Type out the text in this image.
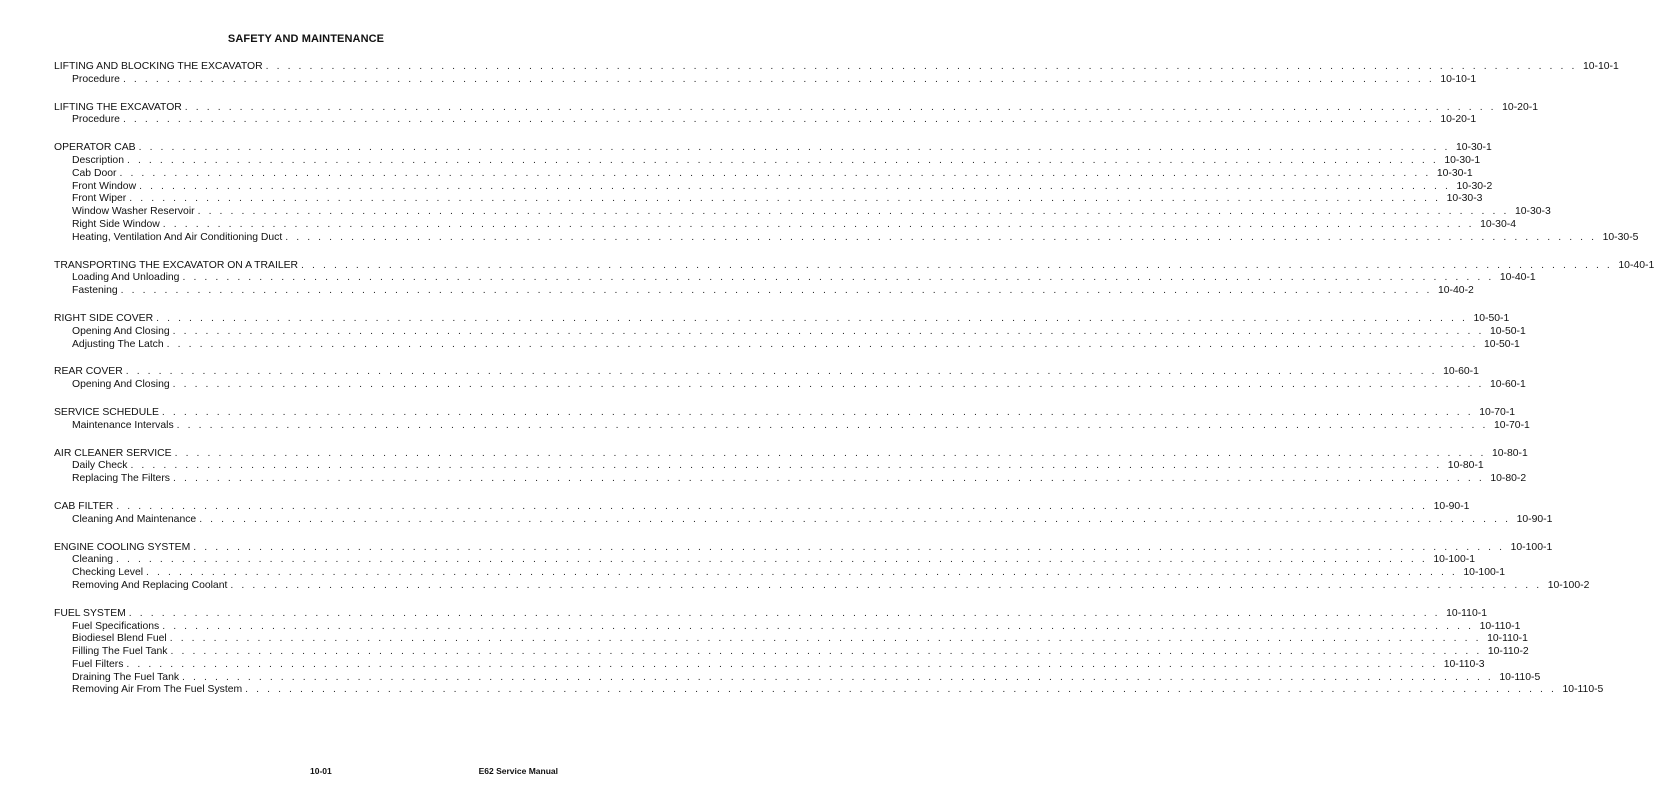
SAFETY AND MAINTENANCE
LIFTING AND BLOCKING THE EXCAVATOR . . . . . . . . . . . . . . . . . . . . . . . . . . . . . . . . . . . . . . . . . . . . . . . . . . . . . . . . . . . . . . . . . . . . . . . . . . . . . . . . . . . . . . . . . . . . . . . . . . . . . . . . . . . . . . . . . . . . . . . . 10-10-1
Procedure . . . . . . . . . . . . . . . . . . . . . . . . . . . . . . . . . . . . . . . . . . . . . . . . . . . . . . . . . . . . . . . . . . . . . . . . . . . . . . . . . . . . . . . . . . . . . . . . . . . . . . . . . . . . . . . . . . . . . . . . 10-10-1
LIFTING THE EXCAVATOR . . . . . . . . . . . . . . . . . . . . . . . . . . . . . . . . . . . . . . . . . . . . . . . . . . . . . . . . . . . . . . . . . . . . . . . . . . . . . . . . . . . . . . . . . . . . . . . . . . . . . . . . . . . . . . . . . . . . . . . . 10-20-1
Procedure . . . . . . . . . . . . . . . . . . . . . . . . . . . . . . . . . . . . . . . . . . . . . . . . . . . . . . . . . . . . . . . . . . . . . . . . . . . . . . . . . . . . . . . . . . . . . . . . . . . . . . . . . . . . . . . . . . . . . . . . 10-20-1
OPERATOR CAB . . . . . . . . . . . . . . . . . . . . . . . . . . . . . . . . . . . . . . . . . . . . . . . . . . . . . . . . . . . . . . . . . . . . . . . . . . . . . . . . . . . . . . . . . . . . . . . . . . . . . . . . . . . . . . . . . . . . . . . . 10-30-1
Description . . . . . . . . . . . . . . . . . . . . . . . . . . . . . . . . . . . . . . . . . . . . . . . . . . . . . . . . . . . . . . . . . . . . . . . . . . . . . . . . . . . . . . . . . . . . . . . . . . . . . . . . . . . . . . . . . . . . . . . . 10-30-1
Cab Door . . . . . . . . . . . . . . . . . . . . . . . . . . . . . . . . . . . . . . . . . . . . . . . . . . . . . . . . . . . . . . . . . . . . . . . . . . . . . . . . . . . . . . . . . . . . . . . . . . . . . . . . . . . . . . . . . . . . . . . . 10-30-1
Front Window . . . . . . . . . . . . . . . . . . . . . . . . . . . . . . . . . . . . . . . . . . . . . . . . . . . . . . . . . . . . . . . . . . . . . . . . . . . . . . . . . . . . . . . . . . . . . . . . . . . . . . . . . . . . . . . . . . . . . . . . 10-30-2
Front Wiper . . . . . . . . . . . . . . . . . . . . . . . . . . . . . . . . . . . . . . . . . . . . . . . . . . . . . . . . . . . . . . . . . . . . . . . . . . . . . . . . . . . . . . . . . . . . . . . . . . . . . . . . . . . . . . . . . . . . . . . . 10-30-3
Window Washer Reservoir . . . . . . . . . . . . . . . . . . . . . . . . . . . . . . . . . . . . . . . . . . . . . . . . . . . . . . . . . . . . . . . . . . . . . . . . . . . . . . . . . . . . . . . . . . . . . . . . . . . . . . . . . . . . . . . . . . . . . . . . 10-30-3
Right Side Window . . . . . . . . . . . . . . . . . . . . . . . . . . . . . . . . . . . . . . . . . . . . . . . . . . . . . . . . . . . . . . . . . . . . . . . . . . . . . . . . . . . . . . . . . . . . . . . . . . . . . . . . . . . . . . . . . . . . . . . . 10-30-4
Heating, Ventilation And Air Conditioning Duct . . . . . . . . . . . . . . . . . . . . . . . . . . . . . . . . . . . . . . . . . . . . . . . . . . . . . . . . . . . . . . . . . . . . . . . . . . . . . . . . . . . . . . . . . . . . . . . . . . . . . . . . . . . . . . . . . . . . . . . . 10-30-5
TRANSPORTING THE EXCAVATOR ON A TRAILER . . . . . . . . . . . . . . . . . . . . . . . . . . . . . . . . . . . . . . . . . . . . . . . . . . . . . . . . . . . . . . . . . . . . . . . . . . . . . . . . . . . . . . . . . . . . . . . . . . . . . . . . . . . . . . . . . . . . . . . . 10-40-1
Loading And Unloading . . . . . . . . . . . . . . . . . . . . . . . . . . . . . . . . . . . . . . . . . . . . . . . . . . . . . . . . . . . . . . . . . . . . . . . . . . . . . . . . . . . . . . . . . . . . . . . . . . . . . . . . . . . . . . . . . . . . . . . . 10-40-1
Fastening . . . . . . . . . . . . . . . . . . . . . . . . . . . . . . . . . . . . . . . . . . . . . . . . . . . . . . . . . . . . . . . . . . . . . . . . . . . . . . . . . . . . . . . . . . . . . . . . . . . . . . . . . . . . . . . . . . . . . . . . 10-40-2
RIGHT SIDE COVER . . . . . . . . . . . . . . . . . . . . . . . . . . . . . . . . . . . . . . . . . . . . . . . . . . . . . . . . . . . . . . . . . . . . . . . . . . . . . . . . . . . . . . . . . . . . . . . . . . . . . . . . . . . . . . . . . . . . . . . . 10-50-1
Opening And Closing . . . . . . . . . . . . . . . . . . . . . . . . . . . . . . . . . . . . . . . . . . . . . . . . . . . . . . . . . . . . . . . . . . . . . . . . . . . . . . . . . . . . . . . . . . . . . . . . . . . . . . . . . . . . . . . . . . . . . . . . 10-50-1
Adjusting The Latch . . . . . . . . . . . . . . . . . . . . . . . . . . . . . . . . . . . . . . . . . . . . . . . . . . . . . . . . . . . . . . . . . . . . . . . . . . . . . . . . . . . . . . . . . . . . . . . . . . . . . . . . . . . . . . . . . . . . . . . . 10-50-1
REAR COVER . . . . . . . . . . . . . . . . . . . . . . . . . . . . . . . . . . . . . . . . . . . . . . . . . . . . . . . . . . . . . . . . . . . . . . . . . . . . . . . . . . . . . . . . . . . . . . . . . . . . . . . . . . . . . . . . . . . . . . . . 10-60-1
Opening And Closing . . . . . . . . . . . . . . . . . . . . . . . . . . . . . . . . . . . . . . . . . . . . . . . . . . . . . . . . . . . . . . . . . . . . . . . . . . . . . . . . . . . . . . . . . . . . . . . . . . . . . . . . . . . . . . . . . . . . . . . . 10-60-1
SERVICE SCHEDULE . . . . . . . . . . . . . . . . . . . . . . . . . . . . . . . . . . . . . . . . . . . . . . . . . . . . . . . . . . . . . . . . . . . . . . . . . . . . . . . . . . . . . . . . . . . . . . . . . . . . . . . . . . . . . . . . . . . . . . . . 10-70-1
Maintenance Intervals . . . . . . . . . . . . . . . . . . . . . . . . . . . . . . . . . . . . . . . . . . . . . . . . . . . . . . . . . . . . . . . . . . . . . . . . . . . . . . . . . . . . . . . . . . . . . . . . . . . . . . . . . . . . . . . . . . . . . . . . 10-70-1
AIR CLEANER SERVICE . . . . . . . . . . . . . . . . . . . . . . . . . . . . . . . . . . . . . . . . . . . . . . . . . . . . . . . . . . . . . . . . . . . . . . . . . . . . . . . . . . . . . . . . . . . . . . . . . . . . . . . . . . . . . . . . . . . . . . . . 10-80-1
Daily Check . . . . . . . . . . . . . . . . . . . . . . . . . . . . . . . . . . . . . . . . . . . . . . . . . . . . . . . . . . . . . . . . . . . . . . . . . . . . . . . . . . . . . . . . . . . . . . . . . . . . . . . . . . . . . . . . . . . . . . . . 10-80-1
Replacing The Filters . . . . . . . . . . . . . . . . . . . . . . . . . . . . . . . . . . . . . . . . . . . . . . . . . . . . . . . . . . . . . . . . . . . . . . . . . . . . . . . . . . . . . . . . . . . . . . . . . . . . . . . . . . . . . . . . . . . . . . . . 10-80-2
CAB FILTER . . . . . . . . . . . . . . . . . . . . . . . . . . . . . . . . . . . . . . . . . . . . . . . . . . . . . . . . . . . . . . . . . . . . . . . . . . . . . . . . . . . . . . . . . . . . . . . . . . . . . . . . . . . . . . . . . . . . . . . . 10-90-1
Cleaning And Maintenance . . . . . . . . . . . . . . . . . . . . . . . . . . . . . . . . . . . . . . . . . . . . . . . . . . . . . . . . . . . . . . . . . . . . . . . . . . . . . . . . . . . . . . . . . . . . . . . . . . . . . . . . . . . . . . . . . . . . . . . . 10-90-1
ENGINE COOLING SYSTEM . . . . . . . . . . . . . . . . . . . . . . . . . . . . . . . . . . . . . . . . . . . . . . . . . . . . . . . . . . . . . . . . . . . . . . . . . . . . . . . . . . . . . . . . . . . . . . . . . . . . . . . . . . . . . . . . . . . . . . . . 10-100-1
Cleaning . . . . . . . . . . . . . . . . . . . . . . . . . . . . . . . . . . . . . . . . . . . . . . . . . . . . . . . . . . . . . . . . . . . . . . . . . . . . . . . . . . . . . . . . . . . . . . . . . . . . . . . . . . . . . . . . . . . . . . . . 10-100-1
Checking Level . . . . . . . . . . . . . . . . . . . . . . . . . . . . . . . . . . . . . . . . . . . . . . . . . . . . . . . . . . . . . . . . . . . . . . . . . . . . . . . . . . . . . . . . . . . . . . . . . . . . . . . . . . . . . . . . . . . . . . . . 10-100-1
Removing And Replacing Coolant . . . . . . . . . . . . . . . . . . . . . . . . . . . . . . . . . . . . . . . . . . . . . . . . . . . . . . . . . . . . . . . . . . . . . . . . . . . . . . . . . . . . . . . . . . . . . . . . . . . . . . . . . . . . . . . . . . . . . . . . 10-100-2
FUEL SYSTEM . . . . . . . . . . . . . . . . . . . . . . . . . . . . . . . . . . . . . . . . . . . . . . . . . . . . . . . . . . . . . . . . . . . . . . . . . . . . . . . . . . . . . . . . . . . . . . . . . . . . . . . . . . . . . . . . . . . . . . . . 10-110-1
Fuel Specifications . . . . . . . . . . . . . . . . . . . . . . . . . . . . . . . . . . . . . . . . . . . . . . . . . . . . . . . . . . . . . . . . . . . . . . . . . . . . . . . . . . . . . . . . . . . . . . . . . . . . . . . . . . . . . . . . . . . . . . . . 10-110-1
Biodiesel Blend Fuel . . . . . . . . . . . . . . . . . . . . . . . . . . . . . . . . . . . . . . . . . . . . . . . . . . . . . . . . . . . . . . . . . . . . . . . . . . . . . . . . . . . . . . . . . . . . . . . . . . . . . . . . . . . . . . . . . . . . . . . . 10-110-1
Filling The Fuel Tank . . . . . . . . . . . . . . . . . . . . . . . . . . . . . . . . . . . . . . . . . . . . . . . . . . . . . . . . . . . . . . . . . . . . . . . . . . . . . . . . . . . . . . . . . . . . . . . . . . . . . . . . . . . . . . . . . . . . . . . . 10-110-2
Fuel Filters . . . . . . . . . . . . . . . . . . . . . . . . . . . . . . . . . . . . . . . . . . . . . . . . . . . . . . . . . . . . . . . . . . . . . . . . . . . . . . . . . . . . . . . . . . . . . . . . . . . . . . . . . . . . . . . . . . . . . . . . 10-110-3
Draining The Fuel Tank . . . . . . . . . . . . . . . . . . . . . . . . . . . . . . . . . . . . . . . . . . . . . . . . . . . . . . . . . . . . . . . . . . . . . . . . . . . . . . . . . . . . . . . . . . . . . . . . . . . . . . . . . . . . . . . . . . . . . . . . 10-110-5
Removing Air From The Fuel System . . . . . . . . . . . . . . . . . . . . . . . . . . . . . . . . . . . . . . . . . . . . . . . . . . . . . . . . . . . . . . . . . . . . . . . . . . . . . . . . . . . . . . . . . . . . . . . . . . . . . . . . . . . . . . . . . . . . . . . . 10-110-5
10-01	E62 Service Manual
